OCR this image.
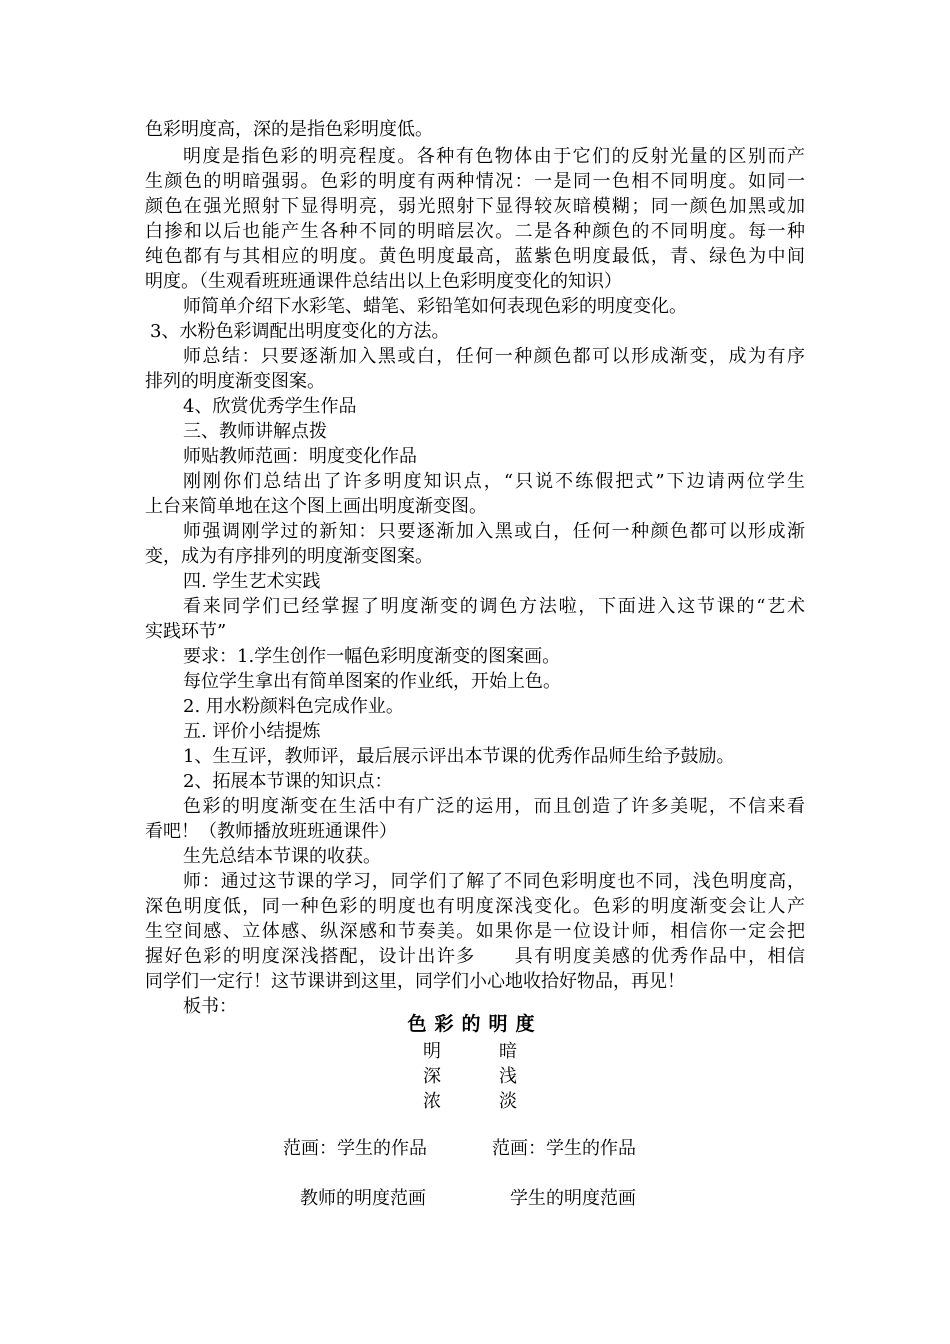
色彩明度高，深的是指色彩明度低。

明度是指色彩的明亮程度。各种有色物体由于它们的反射光量的区别而产

生颜色的明暗强弱。色彩的明度有两种情况：一是同一色相不同明度。如同一

颜色在强光照射下显得明亮，弱光照射下显得较灰暗模糊；同一颜色加黑或加

白掺和以后也能产生各种不同的明暗层次。二是各种颜色的不同明度。每一种

纯色都有与其相应的明度。黄色明度最高，蓝紫色明度最低，青、绿色为中间

明度。（生观看班班通课件总结出以上色彩明度变化的知识）

师简单介绍下水彩笔、蜡笔、彩铅笔如何表现色彩的明度变化。

3、水粉色彩调配出明度变化的方法。

师总结：只要逐渐加入黑或白，任何一种颜色都可以形成渐变，成为有序

排列的明度渐变图案。

4、欣赏优秀学生作品

三、教师讲解点拨

师贴教师范画：明度变化作品

刚刚你们总结出了许多明度知识点，“只说不练假把式”下边请两位学生

上台来简单地在这个图上画出明度渐变图。

师强调刚学过的新知：只要逐渐加入黑或白，任何一种颜色都可以形成渐

变，成为有序排列的明度渐变图案。

四. 学生艺术实践

看来同学们已经掌握了明度渐变的调色方法啦，下面进入这节课的“艺术

实践环节”

要求：1.学生创作一幅色彩明度渐变的图案画。

每位学生拿出有简单图案的作业纸，开始上色。

2. 用水粉颜料色完成作业。

五. 评价小结提炼

1、生互评，教师评，最后展示评出本节课的优秀作品师生给予鼓励。

2、拓展本节课的知识点：

色彩的明度渐变在生活中有广泛的运用，而且创造了许多美呢，不信来看

看吧！（教师播放班班通课件）

生先总结本节课的收获。

师：通过这节课的学习，同学们了解了不同色彩明度也不同，浅色明度高，

深色明度低，同一种色彩的明度也有明度深浅变化。色彩的明度渐变会让人产

生空间感、立体感、纵深感和节奏美。如果你是一位设计师，相信你一定会把

握好色彩的明度深浅搭配，设计出许多　　具有明度美感的优秀作品中，相信

同学们一定行！这节课讲到这里，同学们小心地收拾好物品，再见！

板书：

色彩的明度

明	暗

深	浅

浓	淡

范画：学生的作品	范画：学生的作品

教师的明度范画	学生的明度范画
